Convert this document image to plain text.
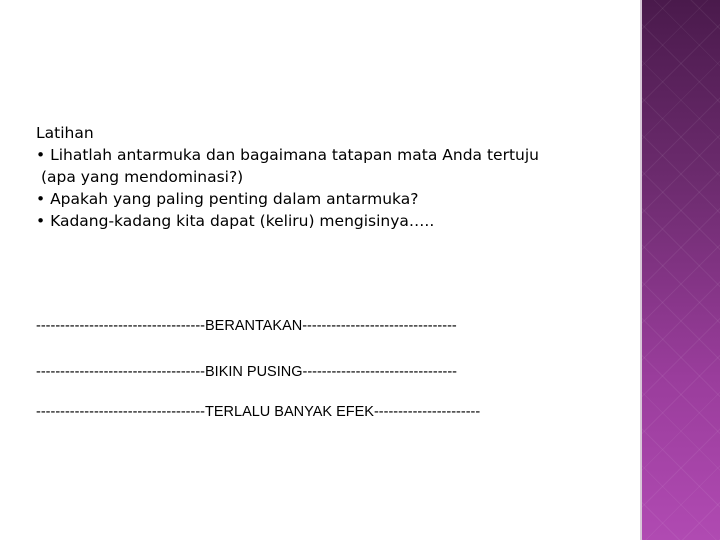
Latihan
• Lihatlah antarmuka dan bagaimana tatapan mata Anda tertuju
(apa yang mendominasi?)
• Apakah yang paling penting dalam antarmuka?
• Kadang-kadang kita dapat (keliru) mengisinya…..
-----------------------------------BERANTAKAN--------------------------------
-----------------------------------BIKIN PUSING--------------------------------
-----------------------------------TERLALU BANYAK EFEK----------------------
